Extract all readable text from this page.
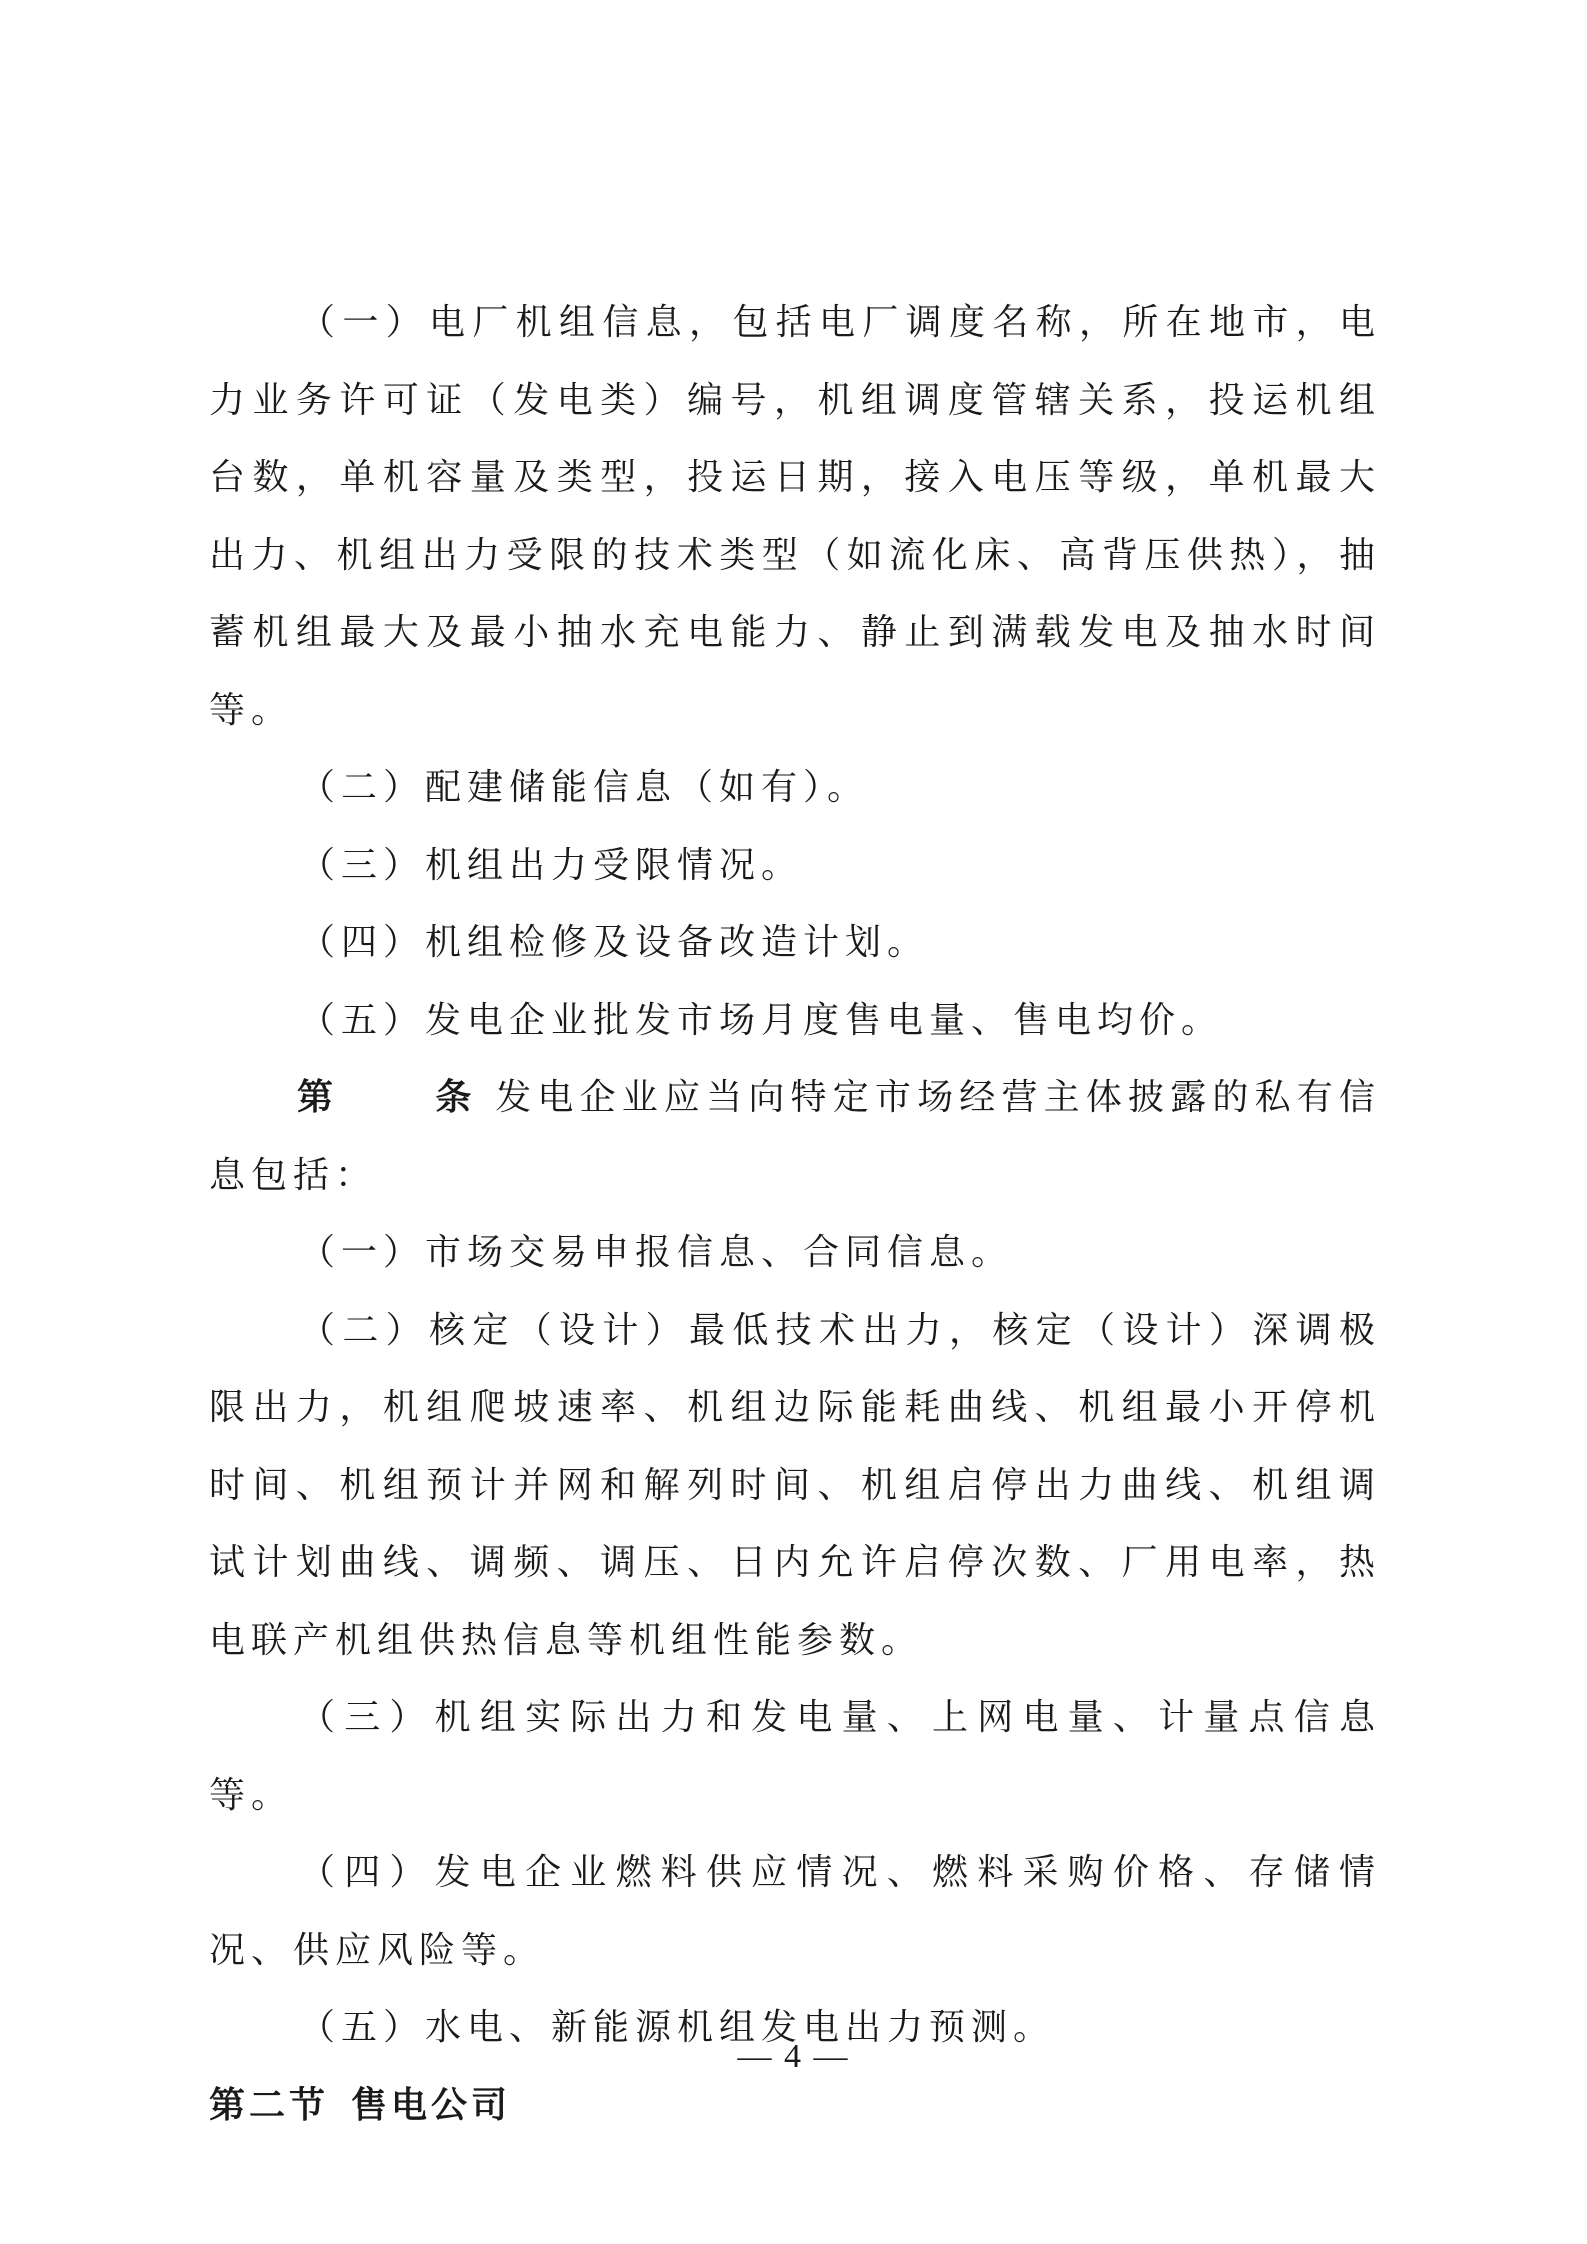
（一）电厂机组信息，包括电厂调度名称，所在地市，电力业务许可证（发电类）编号，机组调度管辖关系，投运机组台数，单机容量及类型，投运日期，接入电压等级，单机最大出力、机组出力受限的技术类型（如流化床、高背压供热），抽蓄机组最大及最小抽水充电能力、静止到满载发电及抽水时间等。

（二）配建储能信息（如有）。

（三）机组出力受限情况。

（四）机组检修及设备改造计划。

（五）发电企业批发市场月度售电量、售电均价。

第	条 发电企业应当向特定市场经营主体披露的私有信息包括：

（一）市场交易申报信息、合同信息。

（二）核定（设计）最低技术出力，核定（设计）深调极限出力，机组爬坡速率、机组边际能耗曲线、机组最小开停机时间、机组预计并网和解列时间、机组启停出力曲线、机组调试计划曲线、调频、调压、日内允许启停次数、厂用电率，热电联产机组供热信息等机组性能参数。

（三）机组实际出力和发电量、上网电量、计量点信息等。

（四）发电企业燃料供应情况、燃料采购价格、存储情况、供应风险等。

（五）水电、新能源机组发电出力预测。

第二节 售电公司

— 4 —
